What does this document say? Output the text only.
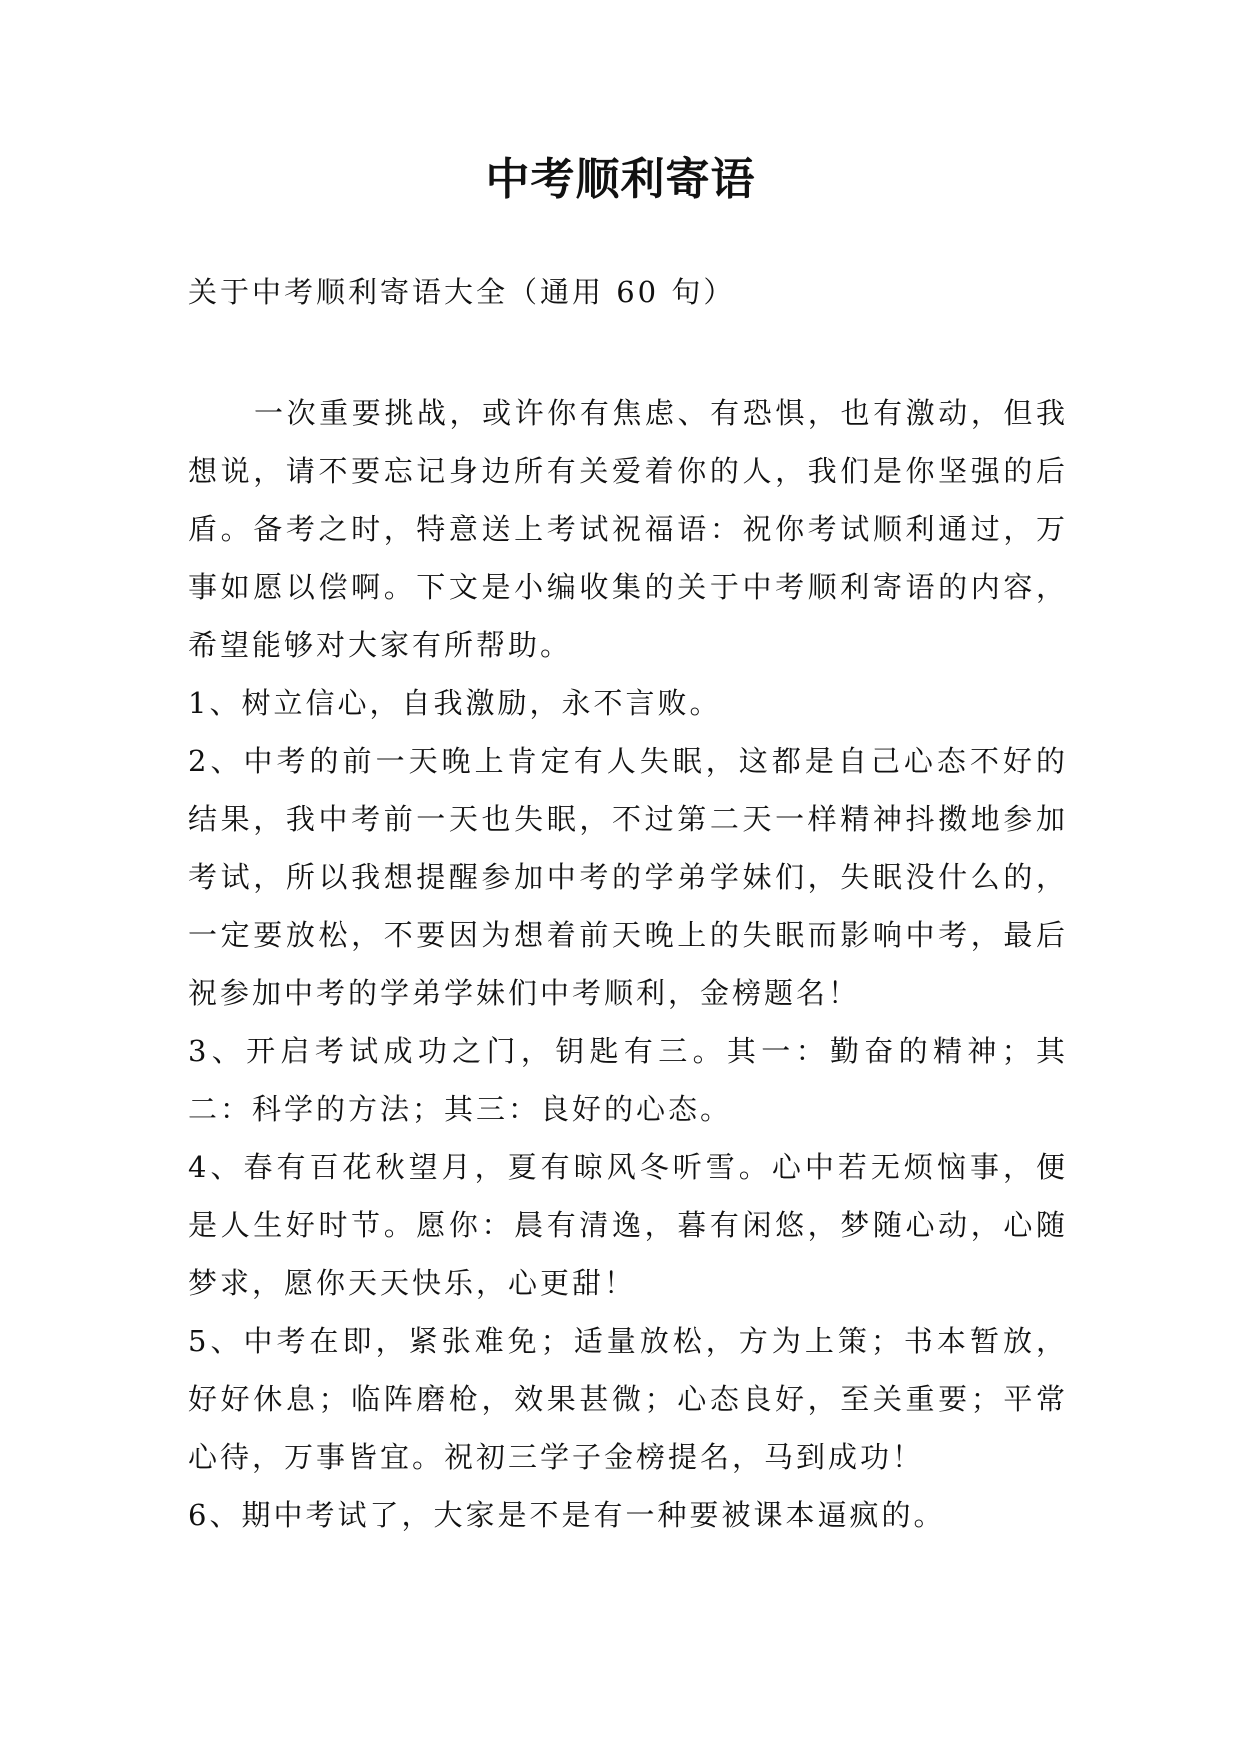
中考顺利寄语

关于中考顺利寄语大全（通用 60 句）

一次重要挑战，或许你有焦虑、有恐惧，也有激动，但我想说，请不要忘记身边所有关爱着你的人，我们是你坚强的后盾。备考之时，特意送上考试祝福语：祝你考试顺利通过，万事如愿以偿啊。下文是小编收集的关于中考顺利寄语的内容，希望能够对大家有所帮助。

1、树立信心，自我激励，永不言败。

2、中考的前一天晚上肯定有人失眠，这都是自己心态不好的结果，我中考前一天也失眠，不过第二天一样精神抖擞地参加考试，所以我想提醒参加中考的学弟学妹们，失眠没什么的，一定要放松，不要因为想着前天晚上的失眠而影响中考，最后祝参加中考的学弟学妹们中考顺利，金榜题名！

3、开启考试成功之门，钥匙有三。其一：勤奋的精神；其二：科学的方法；其三：良好的心态。

4、春有百花秋望月，夏有晾风冬听雪。心中若无烦恼事，便是人生好时节。愿你：晨有清逸，暮有闲悠，梦随心动，心随梦求，愿你天天快乐，心更甜！

5、中考在即，紧张难免；适量放松，方为上策；书本暂放，好好休息；临阵磨枪，效果甚微；心态良好，至关重要；平常心待，万事皆宜。祝初三学子金榜提名，马到成功！

6、期中考试了，大家是不是有一种要被课本逼疯的。
